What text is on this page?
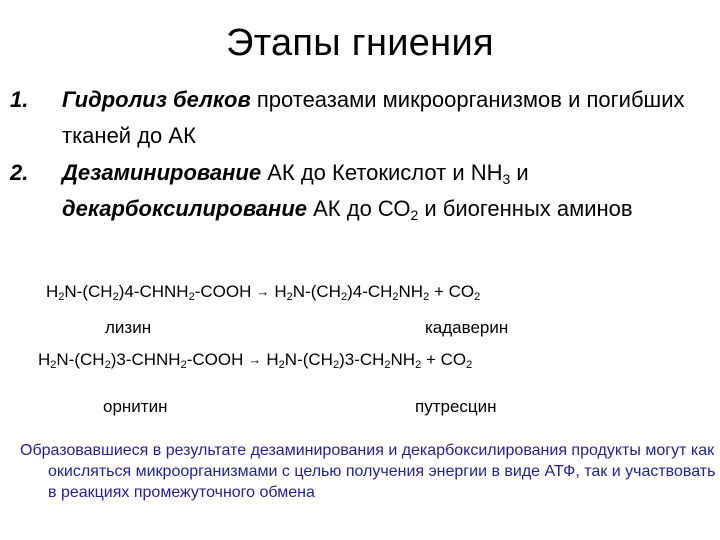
Этапы гниения
1.	Гидролиз белков протеазами микроорганизмов и погибших тканей до АК
2.	Дезаминирование АК до Кетокислот и $NH_3$ и декарбоксилирование АК до $СО_2$ и биогенных аминов
$H_2N-(CH_2)4-CHNH_2$-COOH → $H_2N-(CH_2)4-CH_2NH_2 + CO_2$
лизин	кадаверин
$H_2N-(CH_2)3-CHNH_2$-COOH → $H_2N-(CH_2)3-CH_2NH_2 + CO_2$
орнитин	путресцин
Образовавшиеся в результате дезаминирования и декарбоксилирования продукты могут как окисляться микроорганизмами с целью получения энергии в виде АТФ, так и участвовать в реакциях промежуточного обмена
